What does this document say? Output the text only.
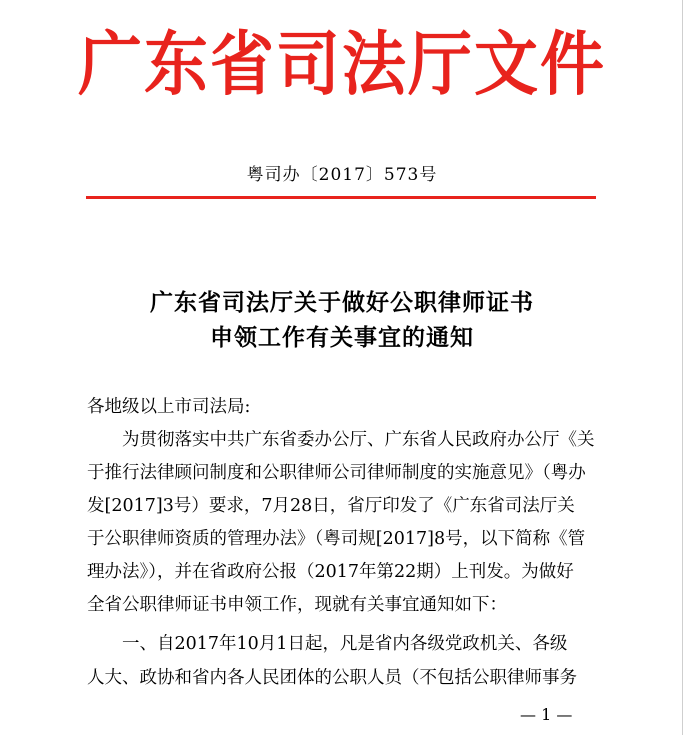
广东省司法厅文件
粤司办〔2017〕573号
广东省司法厅关于做好公职律师证书
申领工作有关事宜的通知
各地级以上市司法局:
　　为贯彻落实中共广东省委办公厅、广东省人民政府办公厅《关
于推行法律顾问制度和公职律师公司律师制度的实施意见》（粤办
发[2017]3号）要求，7月28日，省厅印发了《广东省司法厅关
于公职律师资质的管理办法》（粤司规[2017]8号，以下简称《管
理办法》），并在省政府公报（2017年第22期）上刊发。为做好
全省公职律师证书申领工作，现就有关事宜通知如下：
　　一、自2017年10月1日起，凡是省内各级党政机关、各级
人大、政协和省内各人民团体的公职人员（不包括公职律师事务
— 1 —
